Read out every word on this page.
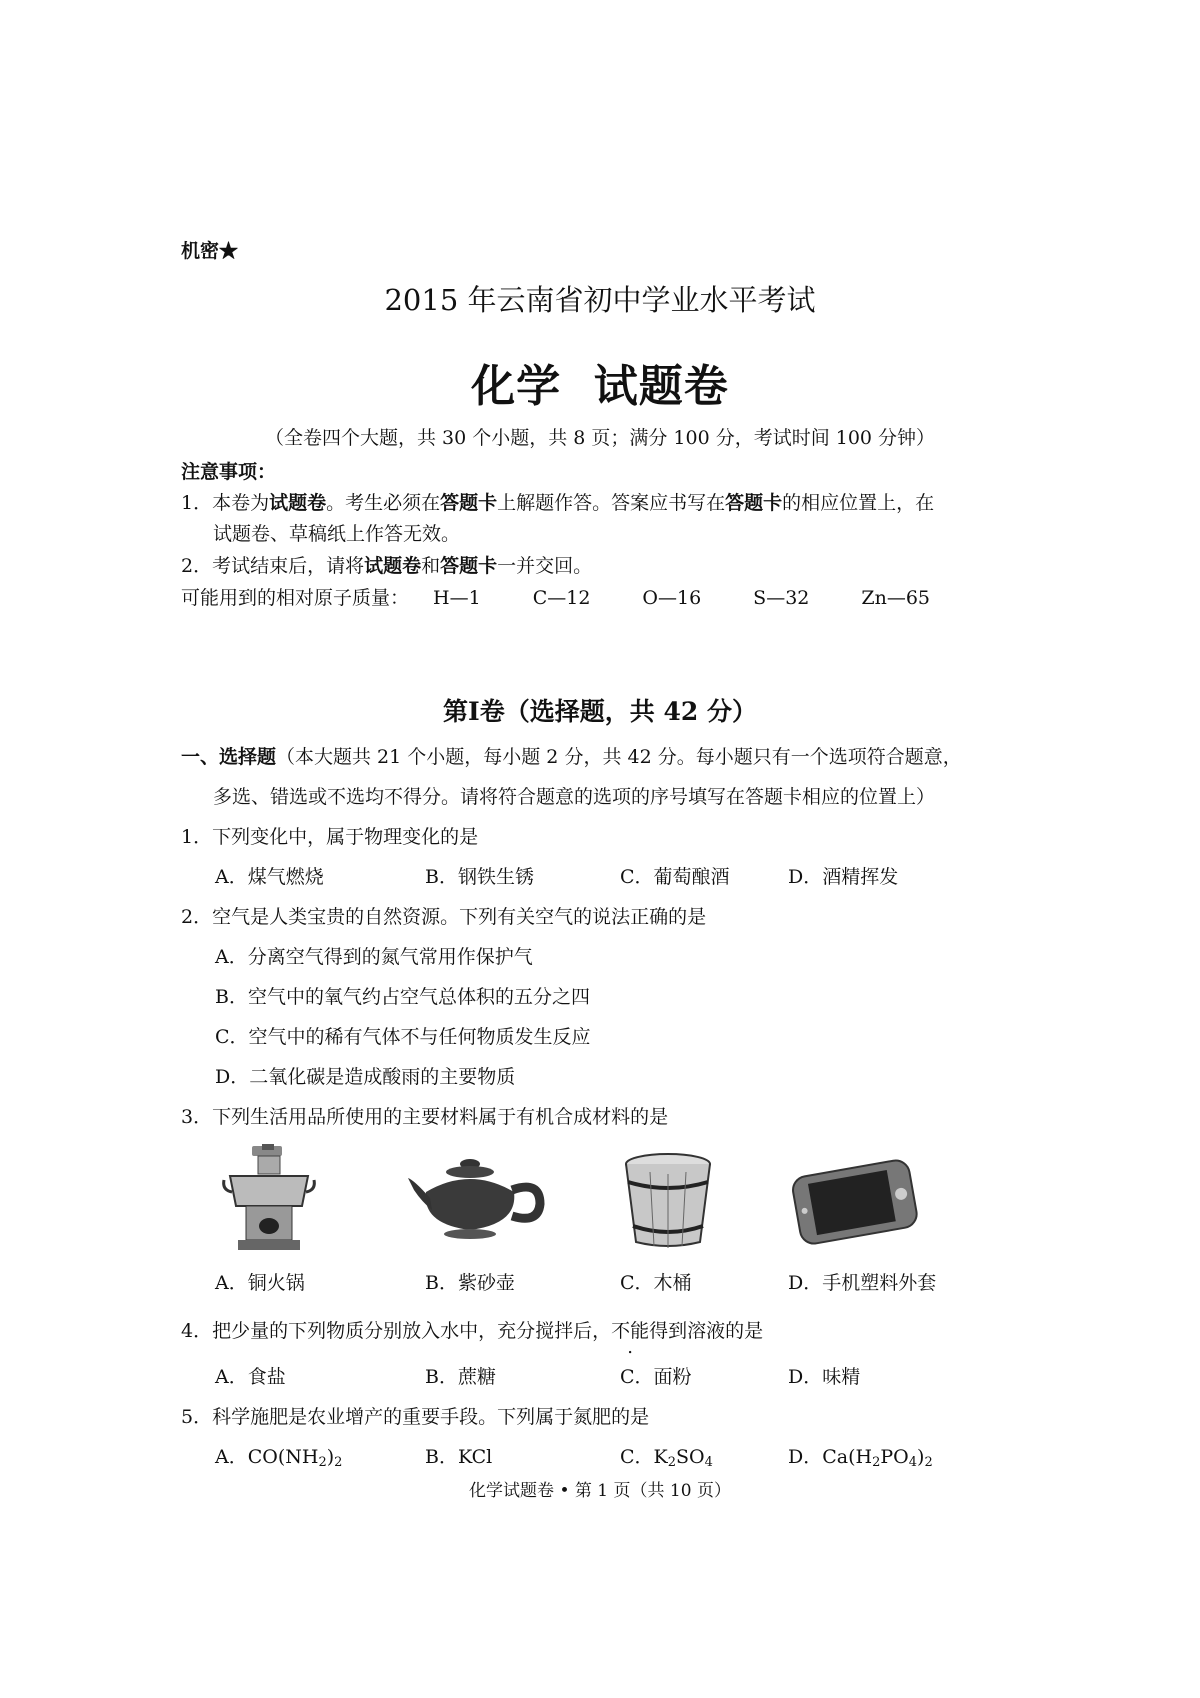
机密★
2015 年云南省初中学业水平考试
化学  试题卷
（全卷四个大题，共 30 个小题，共 8 页；满分 100 分，考试时间 100 分钟）
注意事项：
1．本卷为试题卷。考生必须在答题卡上解题作答。答案应书写在答题卡的相应位置上，在
试题卷、草稿纸上作答无效。
2．考试结束后，请将试题卷和答题卡一并交回。
可能用到的相对原子质量： H—1	C—12	O—16	S—32	Zn—65
第Ⅰ卷（选择题，共 42 分）
一、选择题（本大题共 21 个小题，每小题 2 分，共 42 分。每小题只有一个选项符合题意，
多选、错选或不选均不得分。请将符合题意的选项的序号填写在答题卡相应的位置上）
1．下列变化中，属于物理变化的是
A．煤气燃烧	B．钢铁生锈	C．葡萄酿酒	D．酒精挥发
2．空气是人类宝贵的自然资源。下列有关空气的说法正确的是
A．分离空气得到的氮气常用作保护气
B．空气中的氧气约占空气总体积的五分之四
C．空气中的稀有气体不与任何物质发生反应
D．二氧化碳是造成酸雨的主要物质
3．下列生活用品所使用的主要材料属于有机合成材料的是
A．铜火锅	B．紫砂壶	C．木桶	D．手机塑料外套
4．把少量的下列物质分别放入水中，充分搅拌后，不能得到溶液的是
A．食盐	B．蔗糖	C．面粉	D．味精
5．科学施肥是农业增产的重要手段。下列属于氮肥的是
A．$CO(NH_2)_2$	B．KCl	C．$K_2SO_4$	D．$Ca(H_2PO_4)_2$
化学试题卷 • 第 1 页（共 10 页）
